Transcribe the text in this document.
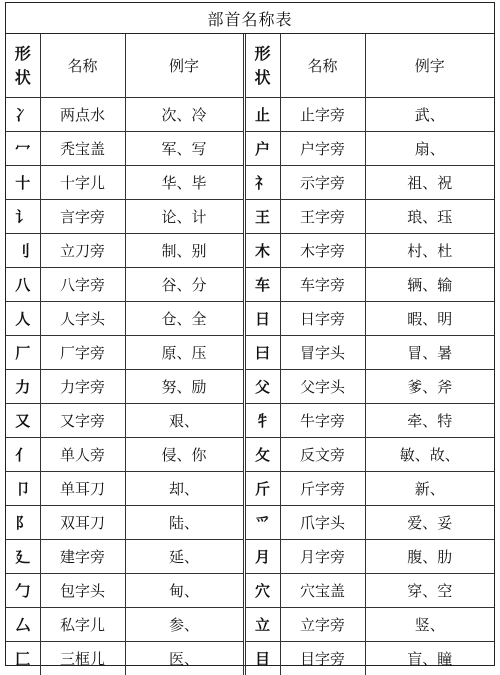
部首名称表
形状	名称	例字	形状	名称	例字
冫	两点水	次、冷	止	止字旁	武、
冖	秃宝盖	军、写	户	户字旁	扇、
十	十字儿	华、毕	礻	示字旁	祖、祝
讠	言字旁	论、计	王	王字旁	琅、珏
刂	立刀旁	制、别	木	木字旁	村、杜
八	八字旁	谷、分	车	车字旁	辆、输
人	人字头	仓、全	日	日字旁	暇、明
厂	厂字旁	原、压	曰	冒字头	冒、暑
力	力字旁	努、励	父	父字头	爹、斧
又	又字旁	艰、	牜	牛字旁	牵、特
亻	单人旁	侵、你	攵	反文旁	敏、故、
卩	单耳刀	却、	斤	斤字旁	新、
阝	双耳刀	陆、	爫	爪字头	爱、妥
廴	建字旁	延、	月	月字旁	腹、肋
勹	包字头	甸、	穴	穴宝盖	穿、空
厶	私字儿	参、	立	立字旁	竖、
匚	三框儿	医、	目	目字旁	盲、瞳
